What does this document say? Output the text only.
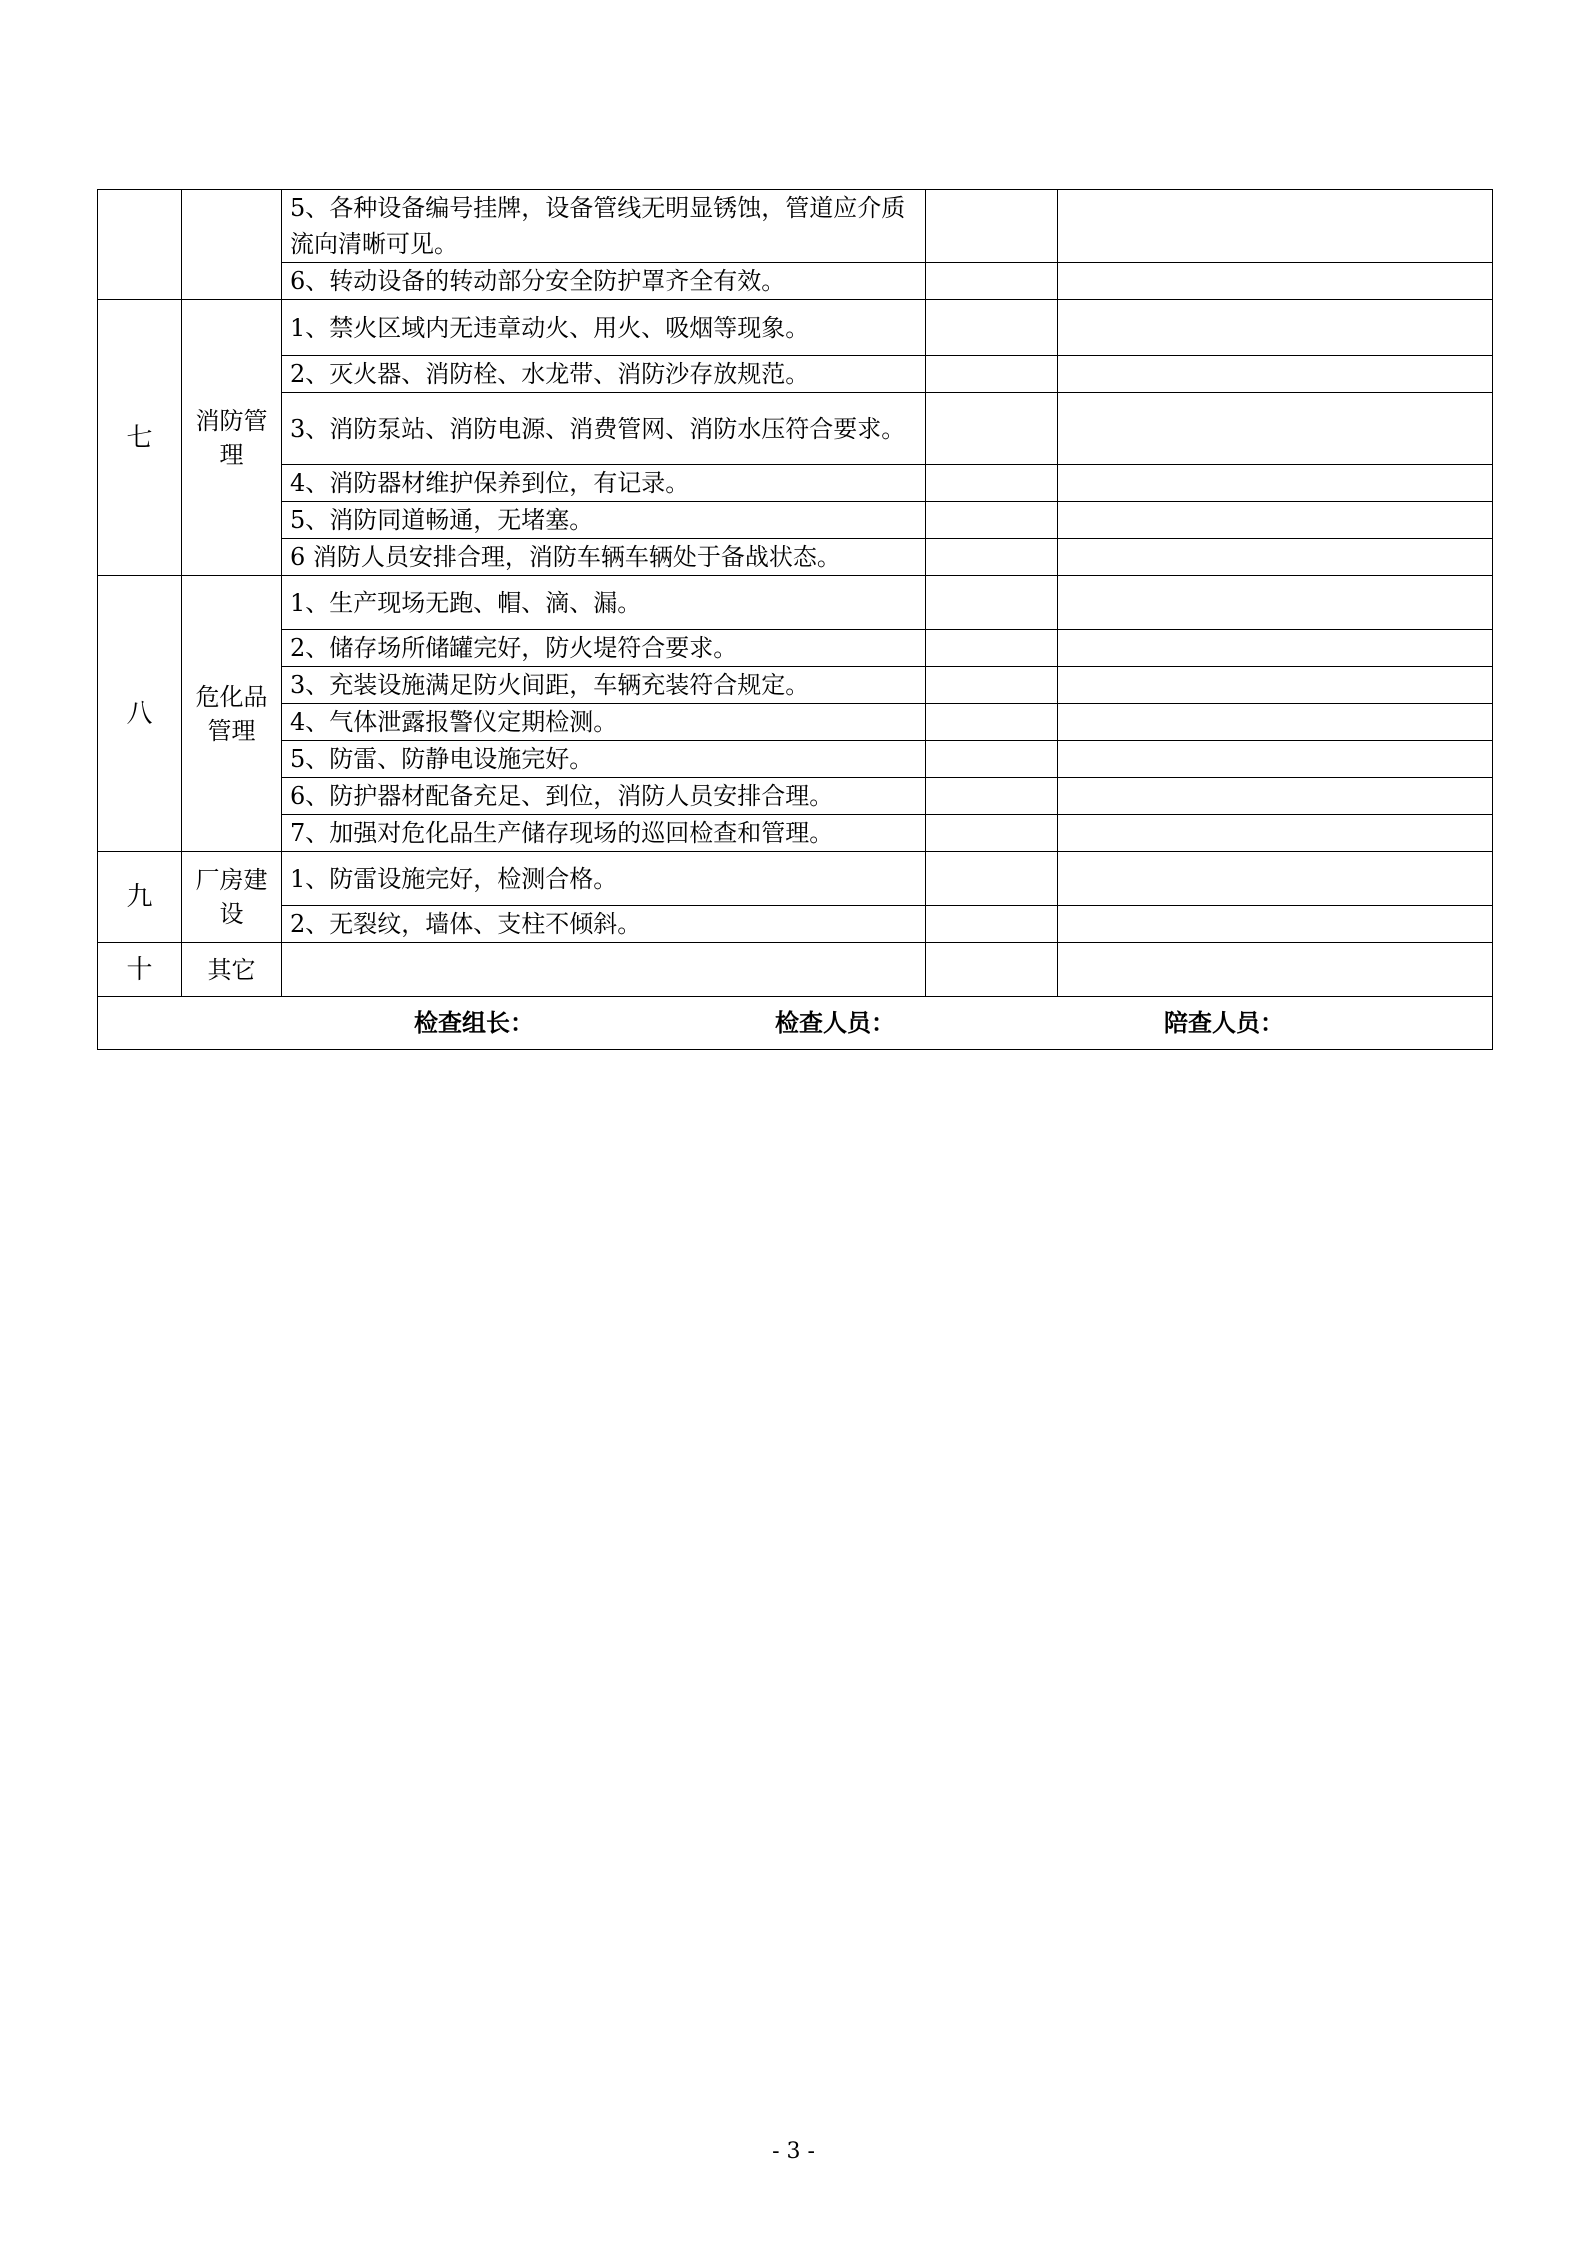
		5、各种设备编号挂牌，设备管线无明显锈蚀，管道应介质流向清晰可见。		
		6、转动设备的转动部分安全防护罩齐全有效。		
七	消防管理	1、禁火区域内无违章动火、用火、吸烟等现象。		
		2、灭火器、消防栓、水龙带、消防沙存放规范。		
		3、消防泵站、消防电源、消费管网、消防水压符合要求。		
		4、消防器材维护保养到位，有记录。		
		5、消防同道畅通，无堵塞。		
		6 消防人员安排合理，消防车辆车辆处于备战状态。		
八	危化品管理	1、生产现场无跑、帽、滴、漏。		
		2、储存场所储罐完好，防火堤符合要求。		
		3、充装设施满足防火间距，车辆充装符合规定。		
		4、气体泄露报警仪定期检测。		
		5、防雷、防静电设施完好。		
		6、防护器材配备充足、到位，消防人员安排合理。		
		7、加强对危化品生产储存现场的巡回检查和管理。		
九	厂房建设	1、防雷设施完好，检测合格。		
		2、无裂纹，墙体、支柱不倾斜。		
十	其它			

检查组长： 检查人员： 陪查人员：				
- 3 -
